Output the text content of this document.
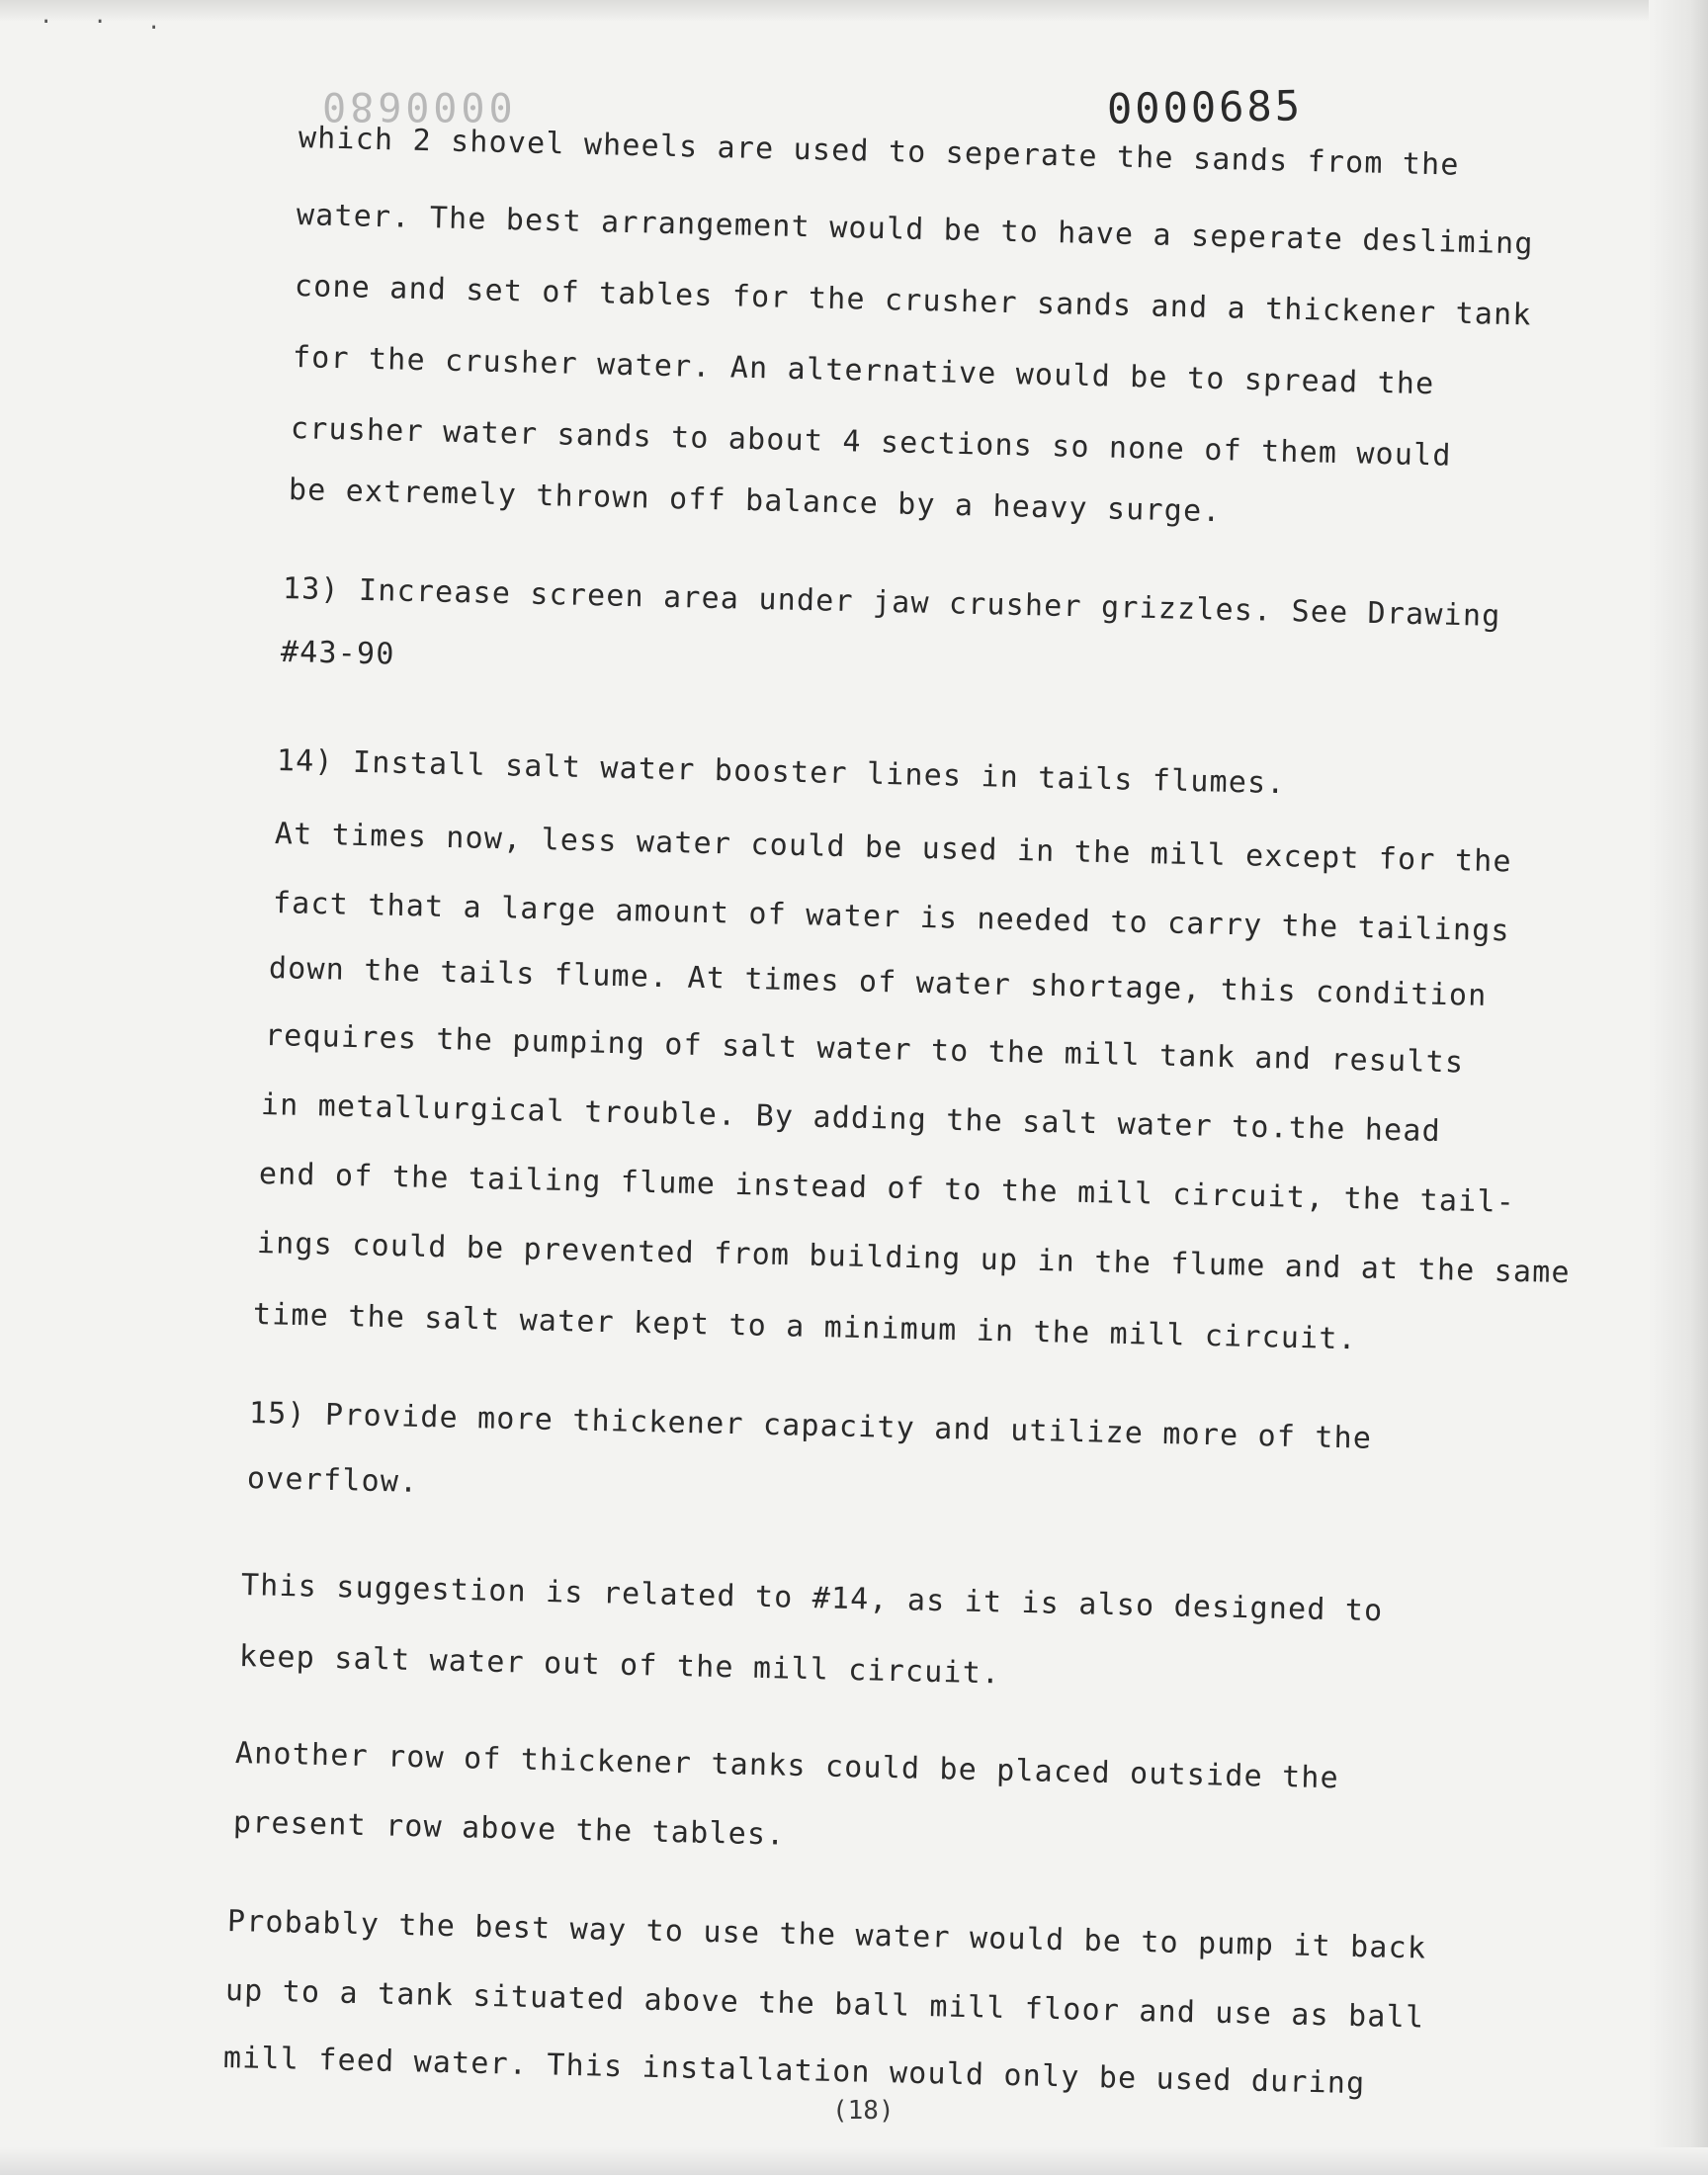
· · .
0000680	0000685
which 2 shovel wheels are used to seperate the sands from the
water. The best arrangement would be to have a seperate desliming
cone and set of tables for the crusher sands and a thickener tank
for the crusher water. An alternative would be to spread the
crusher water sands to about 4 sections so none of them would
be extremely thrown off balance by a heavy surge.
13) Increase screen area under jaw crusher grizzles. See Drawing
#43-90
14) Install salt water booster lines in tails flumes.
At times now, less water could be used in the mill except for the
fact that a large amount of water is needed to carry the tailings
down the tails flume. At times of water shortage, this condition
requires the pumping of salt water to the mill tank and results
in metallurgical trouble. By adding the salt water to.the head
end of the tailing flume instead of to the mill circuit, the tail-
ings could be prevented from building up in the flume and at the same
time the salt water kept to a minimum in the mill circuit.
15) Provide more thickener capacity and utilize more of the
overflow.
This suggestion is related to #14, as it is also designed to
keep salt water out of the mill circuit.
Another row of thickener tanks could be placed outside the
present row above the tables.
Probably the best way to use the water would be to pump it back
up to a tank situated above the ball mill floor and use as ball
mill feed water. This installation would only be used during
(18)
